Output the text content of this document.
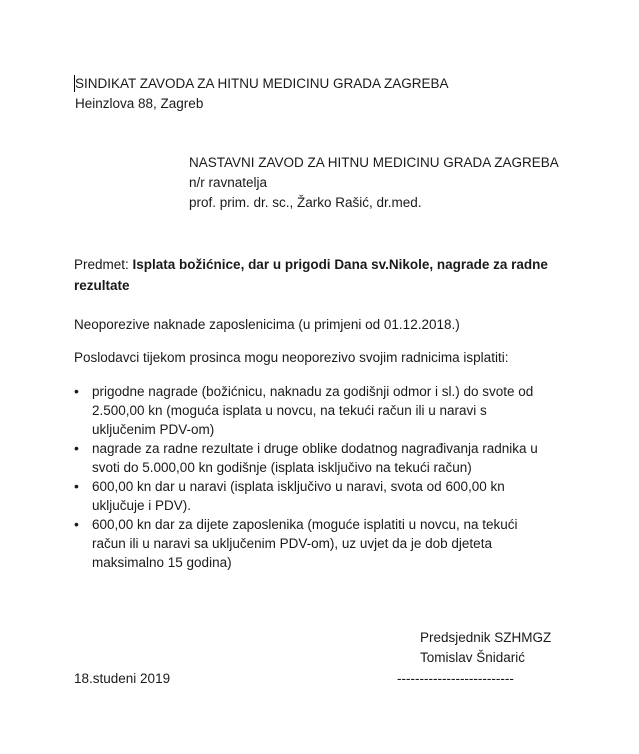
SINDIKAT ZAVODA ZA HITNU MEDICINU GRADA ZAGREBA
Heinzlova 88, Zagreb
NASTAVNI ZAVOD ZA HITNU MEDICINU GRADA ZAGREBA
n/r ravnatelja
prof. prim. dr. sc., Žarko Rašić, dr.med.
Predmet: Isplata božićnice, dar u prigodi Dana sv.Nikole, nagrade za radne rezultate
Neoporezive naknade zaposlenicima (u primjeni od 01.12.2018.)
Poslodavci tijekom prosinca mogu neoporezivo svojim radnicima isplatiti:
• prigodne nagrade (božićnicu, naknadu za godišnji odmor i sl.) do svote od 2.500,00 kn (moguća isplata u novcu, na tekući račun ili u naravi s uključenim PDV-om)
• nagrade za radne rezultate i druge oblike dodatnog nagrađivanja radnika u svoti do 5.000,00 kn godišnje (isplata isključivo na tekući račun)
• 600,00 kn dar u naravi (isplata isključivo u naravi, svota od 600,00 kn uključuje i PDV).
• 600,00 kn dar za dijete zaposlenika (moguće isplatiti u novcu, na tekući račun ili u naravi sa uključenim PDV-om), uz uvjet da je dob djeteta maksimalno 15 godina)
Predsjednik SZHMGZ
Tomislav Šnidarić
18.studeni 2019	--------------------------
